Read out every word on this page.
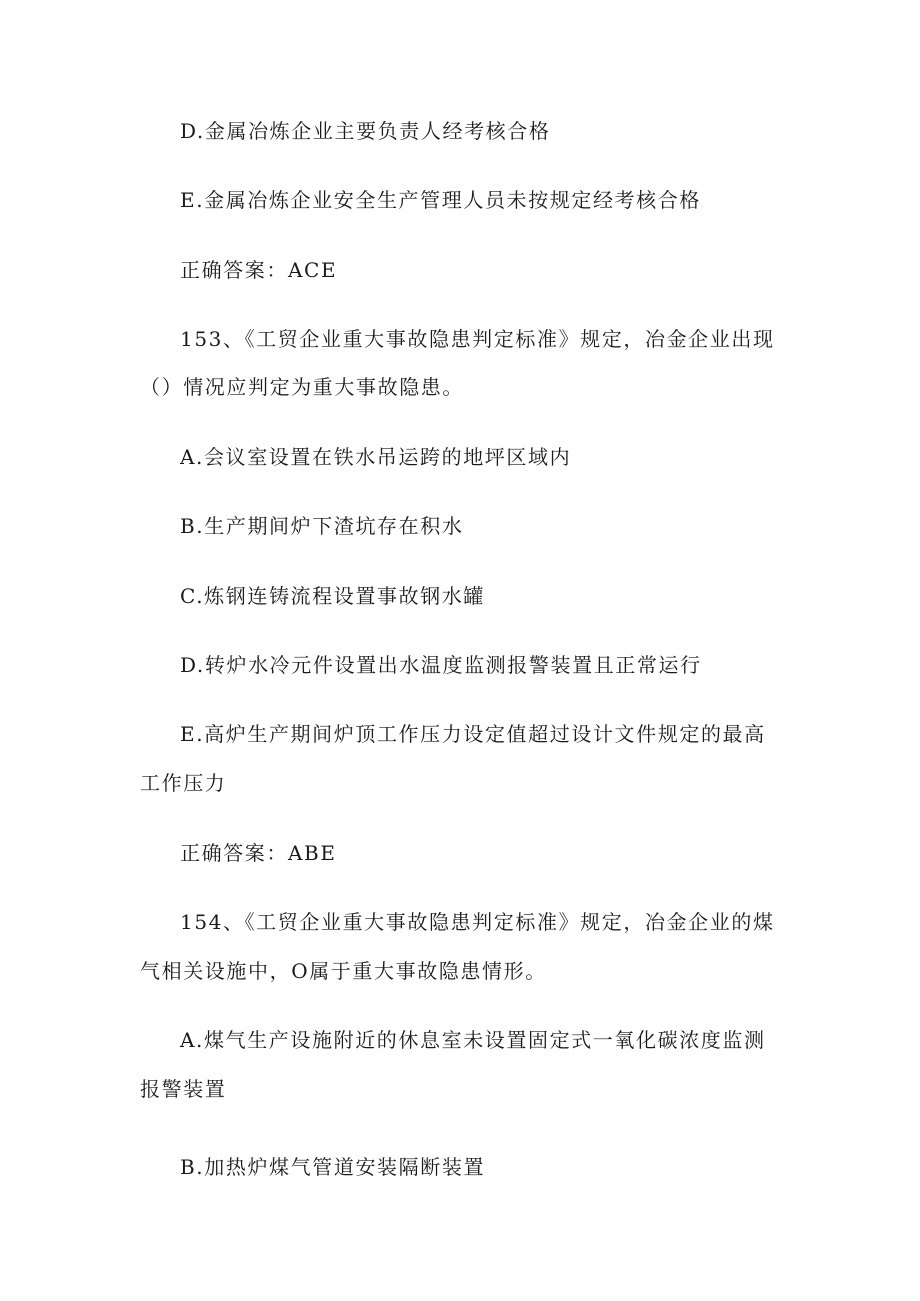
D.金属冶炼企业主要负责人经考核合格
E.金属冶炼企业安全生产管理人员未按规定经考核合格
正确答案：ACE
153、《工贸企业重大事故隐患判定标准》规定，冶金企业出现
（）情况应判定为重大事故隐患。
A.会议室设置在铁水吊运跨的地坪区域内
B.生产期间炉下渣坑存在积水
C.炼钢连铸流程设置事故钢水罐
D.转炉水冷元件设置出水温度监测报警装置且正常运行
E.高炉生产期间炉顶工作压力设定值超过设计文件规定的最高
工作压力
正确答案：ABE
154、《工贸企业重大事故隐患判定标准》规定，冶金企业的煤
气相关设施中，O属于重大事故隐患情形。
A.煤气生产设施附近的休息室未设置固定式一氧化碳浓度监测
报警装置
B.加热炉煤气管道安装隔断装置
